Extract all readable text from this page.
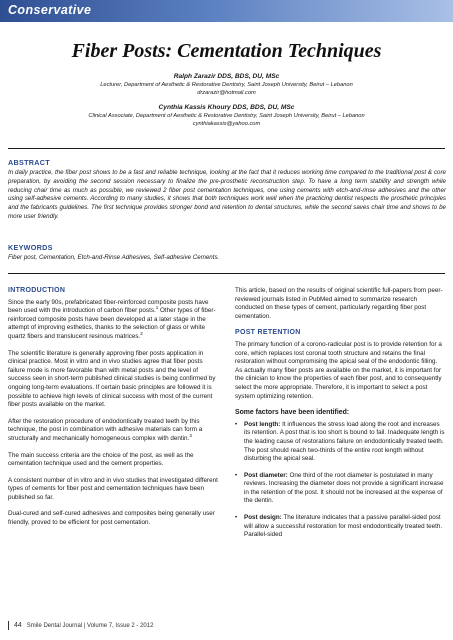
Conservative
Fiber Posts: Cementation Techniques
Ralph Zarazir DDS, BDS, DU, MSc
Lecturer, Department of Aesthetic & Restorative Dentistry, Saint Joseph University, Beirut – Lebanon
drzarazir@hotmail.com
Cynthia Kassis Khoury DDS, BDS, DU, MSc
Clinical Associate, Department of Aesthetic & Restorative Dentistry, Saint Joseph University, Beirut – Lebanon
cynthiakassis@yahoo.com
ABSTRACT

In daily practice, the fiber post shows to be a fast and reliable technique, looking at the fact that it reduces working time compared to the traditional post & core preparation, by avoiding the second session necessary to finalize the pre-prosthetic reconstruction step. To have a long term stability and strength while reducing chair time as much as possible, we reviewed 2 fiber post cementation techniques, one using cements with etch-and-rinse adhesives and the other using self-adhesive cements. According to many studies, it shows that both techniques work well when the practicing dentist respects the prosthetic principles and the fabricants guidelines. The first technique provides stronger bond and retention to dental structures, while the second saves chair time and shows to be more user friendly.

KEYWORDS

Fiber post, Cementation, Etch-and-Rinse Adhesives, Self-adhesive Cements.

INTRODUCTION

Since the early 90s, prefabricated fiber-reinforced composite posts have been used with the introduction of carbon fiber posts.$^1$ Other types of fiber-reinforced composite posts have been developed at a later stage in the attempt of improving esthetics, thanks to the selection of glass or white quartz fibers and translucent resinous matrices.$^2$

The scientific literature is generally approving fiber posts application in clinical practice. Most in vitro and in vivo studies agree that fiber posts failure mode is more favorable than with metal posts and the level of success seen in short-term published clinical studies is being confirmed by ongoing long-term evaluations. If certain basic principles are followed it is possible to achieve high levels of clinical success with most of the current fiber posts available on the market.

After the restoration procedure of endodontically treated teeth by this technique, the post in combination with adhesive materials can form a structurally and mechanically homogeneous complex with dentin.$^3$

The main success criteria are the choice of the post, as well as the cementation technique used and the cement properties.

A consistent number of in vitro and in vivo studies that investigated different types of cements for fiber post and cementation techniques have been published so far.

Dual-cured and self-cured adhesives and composites being generally user friendly, proved to be efficient for post cementation.

This article, based on the results of original scientific full-papers from peer-reviewed journals listed in PubMed aimed to summarize research conducted on these types of cement, particularly regarding fiber post cementation.

POST RETENTION

The primary function of a corono-radicular post is to provide retention for a core, which replaces lost coronal tooth structure and retains the final restoration without compromising the apical seal of the endodontic filling. As actually many fiber posts are available on the market, it is important for the clinician to know the properties of each fiber post, and to consequently select the more appropriate. Therefore, it is important to select a post system optimizing retention.

Some factors have been identified:
• Post length: It influences the stress load along the root and increases its retention. A post that is too short is bound to fail. Inadequate length is the leading cause of restorations failure on endodontically treated teeth. The post should reach two-thirds of the entire root length without disturbing the apical seal.
• Post diameter: One third of the root diameter is postulated in many reviews. Increasing the diameter does not provide a significant increase in the retention of the post. It should not be increased at the expense of the dentin.
• Post design: The literature indicates that a passive parallel-sided post will allow a successful restoration for most endodontically treated teeth. Parallel-sided
44 Smile Dental Journal | Volume 7, Issue 2 - 2012
